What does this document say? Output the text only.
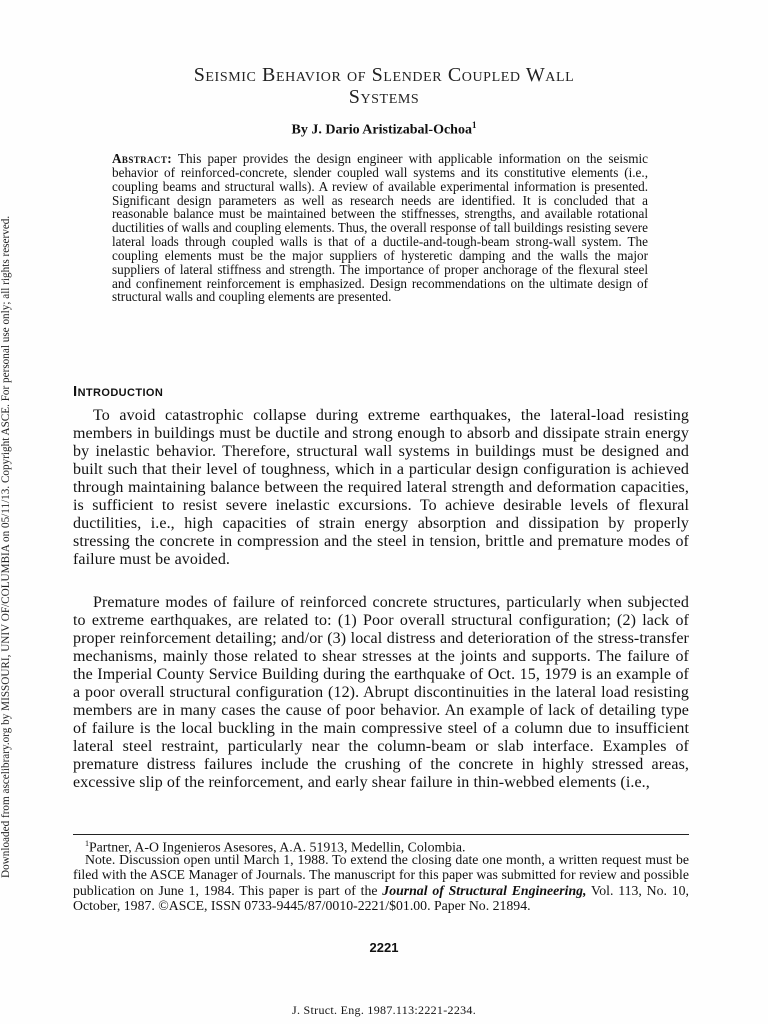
Downloaded from ascelibrary.org by MISSOURI, UNIV OF/COLUMBIA on 05/11/13. Copyright ASCE. For personal use only; all rights reserved.
Seismic Behavior of Slender Coupled Wall
Systems
By J. Dario Aristizabal-Ochoa$^1$
Abstract: This paper provides the design engineer with applicable information on the seismic behavior of reinforced-concrete, slender coupled wall systems and its constitutive elements (i.e., coupling beams and structural walls). A review of available experimental information is presented. Significant design parameters as well as research needs are identified. It is concluded that a reasonable balance must be maintained between the stiffnesses, strengths, and available rotational ductilities of walls and coupling elements. Thus, the overall response of tall buildings resisting severe lateral loads through coupled walls is that of a ductile-and-tough-beam strong-wall system. The coupling elements must be the major suppliers of hysteretic damping and the walls the major suppliers of lateral stiffness and strength. The importance of proper anchorage of the flexural steel and confinement reinforcement is emphasized. Design recommendations on the ultimate design of structural walls and coupling elements are presented.
Introduction
To avoid catastrophic collapse during extreme earthquakes, the lateral-load resisting members in buildings must be ductile and strong enough to absorb and dissipate strain energy by inelastic behavior. Therefore, structural wall systems in buildings must be designed and built such that their level of toughness, which in a particular design configuration is achieved through maintaining balance between the required lateral strength and deformation capacities, is sufficient to resist severe inelastic excursions. To achieve desirable levels of flexural ductilities, i.e., high capacities of strain energy absorption and dissipation by properly stressing the concrete in compression and the steel in tension, brittle and premature modes of failure must be avoided.
Premature modes of failure of reinforced concrete structures, particularly when subjected to extreme earthquakes, are related to: (1) Poor overall structural configuration; (2) lack of proper reinforcement detailing; and/or (3) local distress and deterioration of the stress-transfer mechanisms, mainly those related to shear stresses at the joints and supports. The failure of the Imperial County Service Building during the earthquake of Oct. 15, 1979 is an example of a poor overall structural configuration (12). Abrupt discontinuities in the lateral load resisting members are in many cases the cause of poor behavior. An example of lack of detailing type of failure is the local buckling in the main compressive steel of a column due to insufficient lateral steel restraint, particularly near the column-beam or slab interface. Examples of premature distress failures include the crushing of the concrete in highly stressed areas, excessive slip of the reinforcement, and early shear failure in thin-webbed elements (i.e.,
$^1$Partner, A-O Ingenieros Asesores, A.A. 51913, Medellin, Colombia.
Note. Discussion open until March 1, 1988. To extend the closing date one month, a written request must be filed with the ASCE Manager of Journals. The manuscript for this paper was submitted for review and possible publication on June 1, 1984. This paper is part of the Journal of Structural Engineering, Vol. 113, No. 10, October, 1987. ©ASCE, ISSN 0733-9445/87/0010-2221/$01.00. Paper No. 21894.
2221
J. Struct. Eng. 1987.113:2221-2234.
